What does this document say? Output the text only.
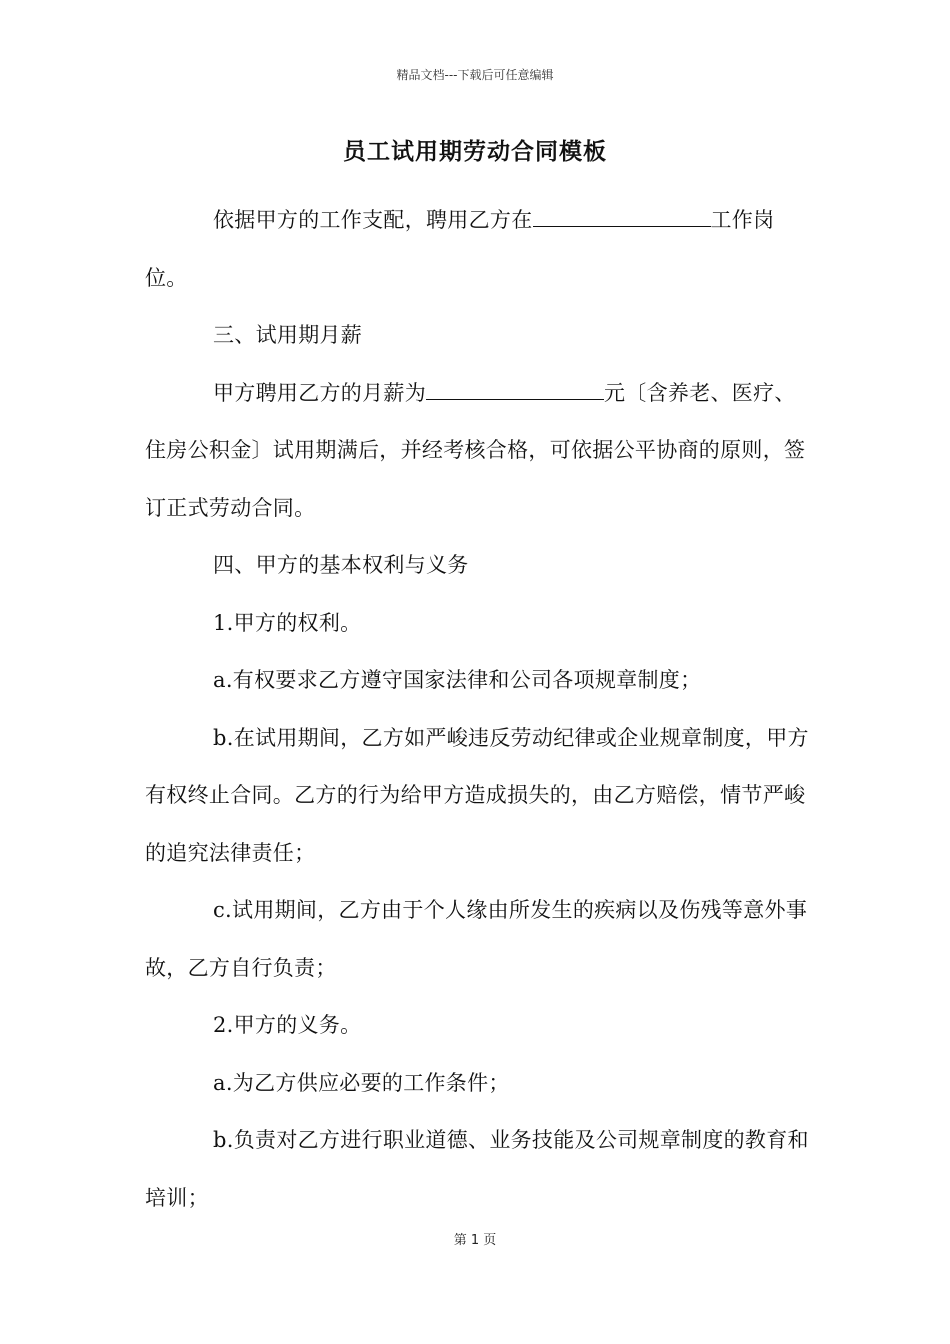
精品文档---下载后可任意编辑
员工试用期劳动合同模板

依据甲方的工作支配，聘用乙方在	工作岗位。

三、试用期月薪

甲方聘用乙方的月薪为	元〔含养老、医疗、住房公积金〕试用期满后，并经考核合格，可依据公平协商的原则，签订正式劳动合同。

四、甲方的基本权利与义务

1.甲方的权利。

a.有权要求乙方遵守国家法律和公司各项规章制度；

b.在试用期间，乙方如严峻违反劳动纪律或企业规章制度，甲方有权终止合同。乙方的行为给甲方造成损失的，由乙方赔偿，情节严峻的追究法律责任；

c.试用期间，乙方由于个人缘由所发生的疾病以及伤残等意外事故，乙方自行负责；

2.甲方的义务。

a.为乙方供应必要的工作条件；

b.负责对乙方进行职业道德、业务技能及公司规章制度的教育和培训；

第 1 页
